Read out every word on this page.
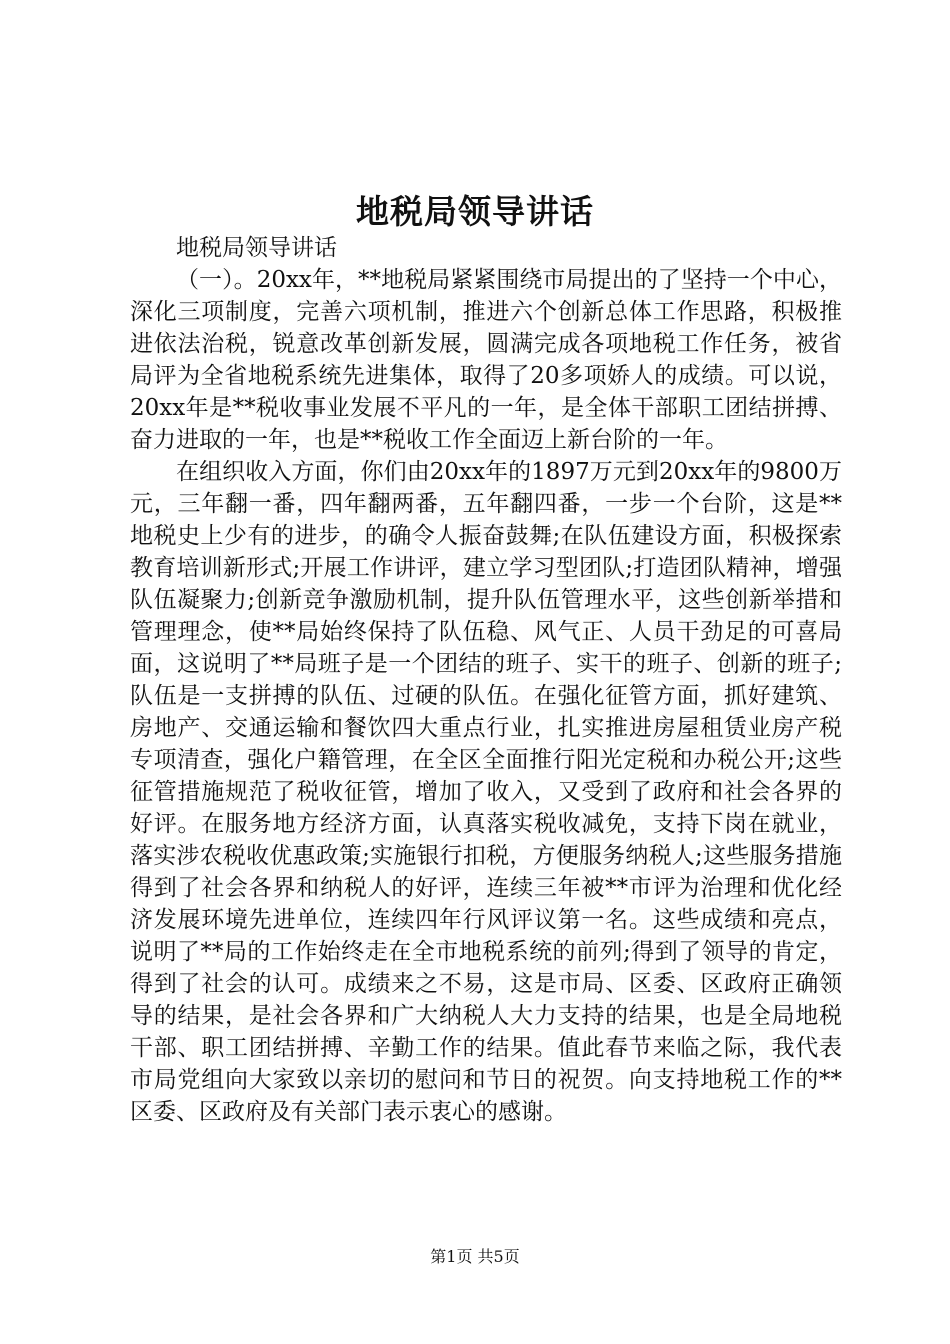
地税局领导讲话

地税局领导讲话

（一）。20xx年，**地税局紧紧围绕市局提出的了坚持一个中心，深化三项制度，完善六项机制，推进六个创新总体工作思路，积极推进依法治税，锐意改革创新发展，圆满完成各项地税工作任务，被省局评为全省地税系统先进集体，取得了20多项娇人的成绩。可以说，20xx年是**税收事业发展不平凡的一年，是全体干部职工团结拼搏、奋力进取的一年，也是**税收工作全面迈上新台阶的一年。

在组织收入方面，你们由20xx年的1897万元到20xx年的9800万元，三年翻一番，四年翻两番，五年翻四番，一步一个台阶，这是**地税史上少有的进步，的确令人振奋鼓舞;在队伍建设方面，积极探索教育培训新形式;开展工作讲评，建立学习型团队;打造团队精神，增强队伍凝聚力;创新竞争激励机制，提升队伍管理水平，这些创新举措和管理理念，使**局始终保持了队伍稳、风气正、人员干劲足的可喜局面，这说明了**局班子是一个团结的班子、实干的班子、创新的班子;队伍是一支拼搏的队伍、过硬的队伍。在强化征管方面，抓好建筑、房地产、交通运输和餐饮四大重点行业，扎实推进房屋租赁业房产税专项清查，强化户籍管理，在全区全面推行阳光定税和办税公开;这些征管措施规范了税收征管，增加了收入，又受到了政府和社会各界的好评。在服务地方经济方面，认真落实税收减免，支持下岗在就业，落实涉农税收优惠政策;实施银行扣税，方便服务纳税人;这些服务措施得到了社会各界和纳税人的好评，连续三年被**市评为治理和优化经济发展环境先进单位，连续四年行风评议第一名。这些成绩和亮点，说明了**局的工作始终走在全市地税系统的前列;得到了领导的肯定，得到了社会的认可。成绩来之不易，这是市局、区委、区政府正确领导的结果，是社会各界和广大纳税人大力支持的结果，也是全局地税干部、职工团结拼搏、辛勤工作的结果。值此春节来临之际，我代表市局党组向大家致以亲切的慰问和节日的祝贺。向支持地税工作的**区委、区政府及有关部门表示衷心的感谢。

第1页 共5页
